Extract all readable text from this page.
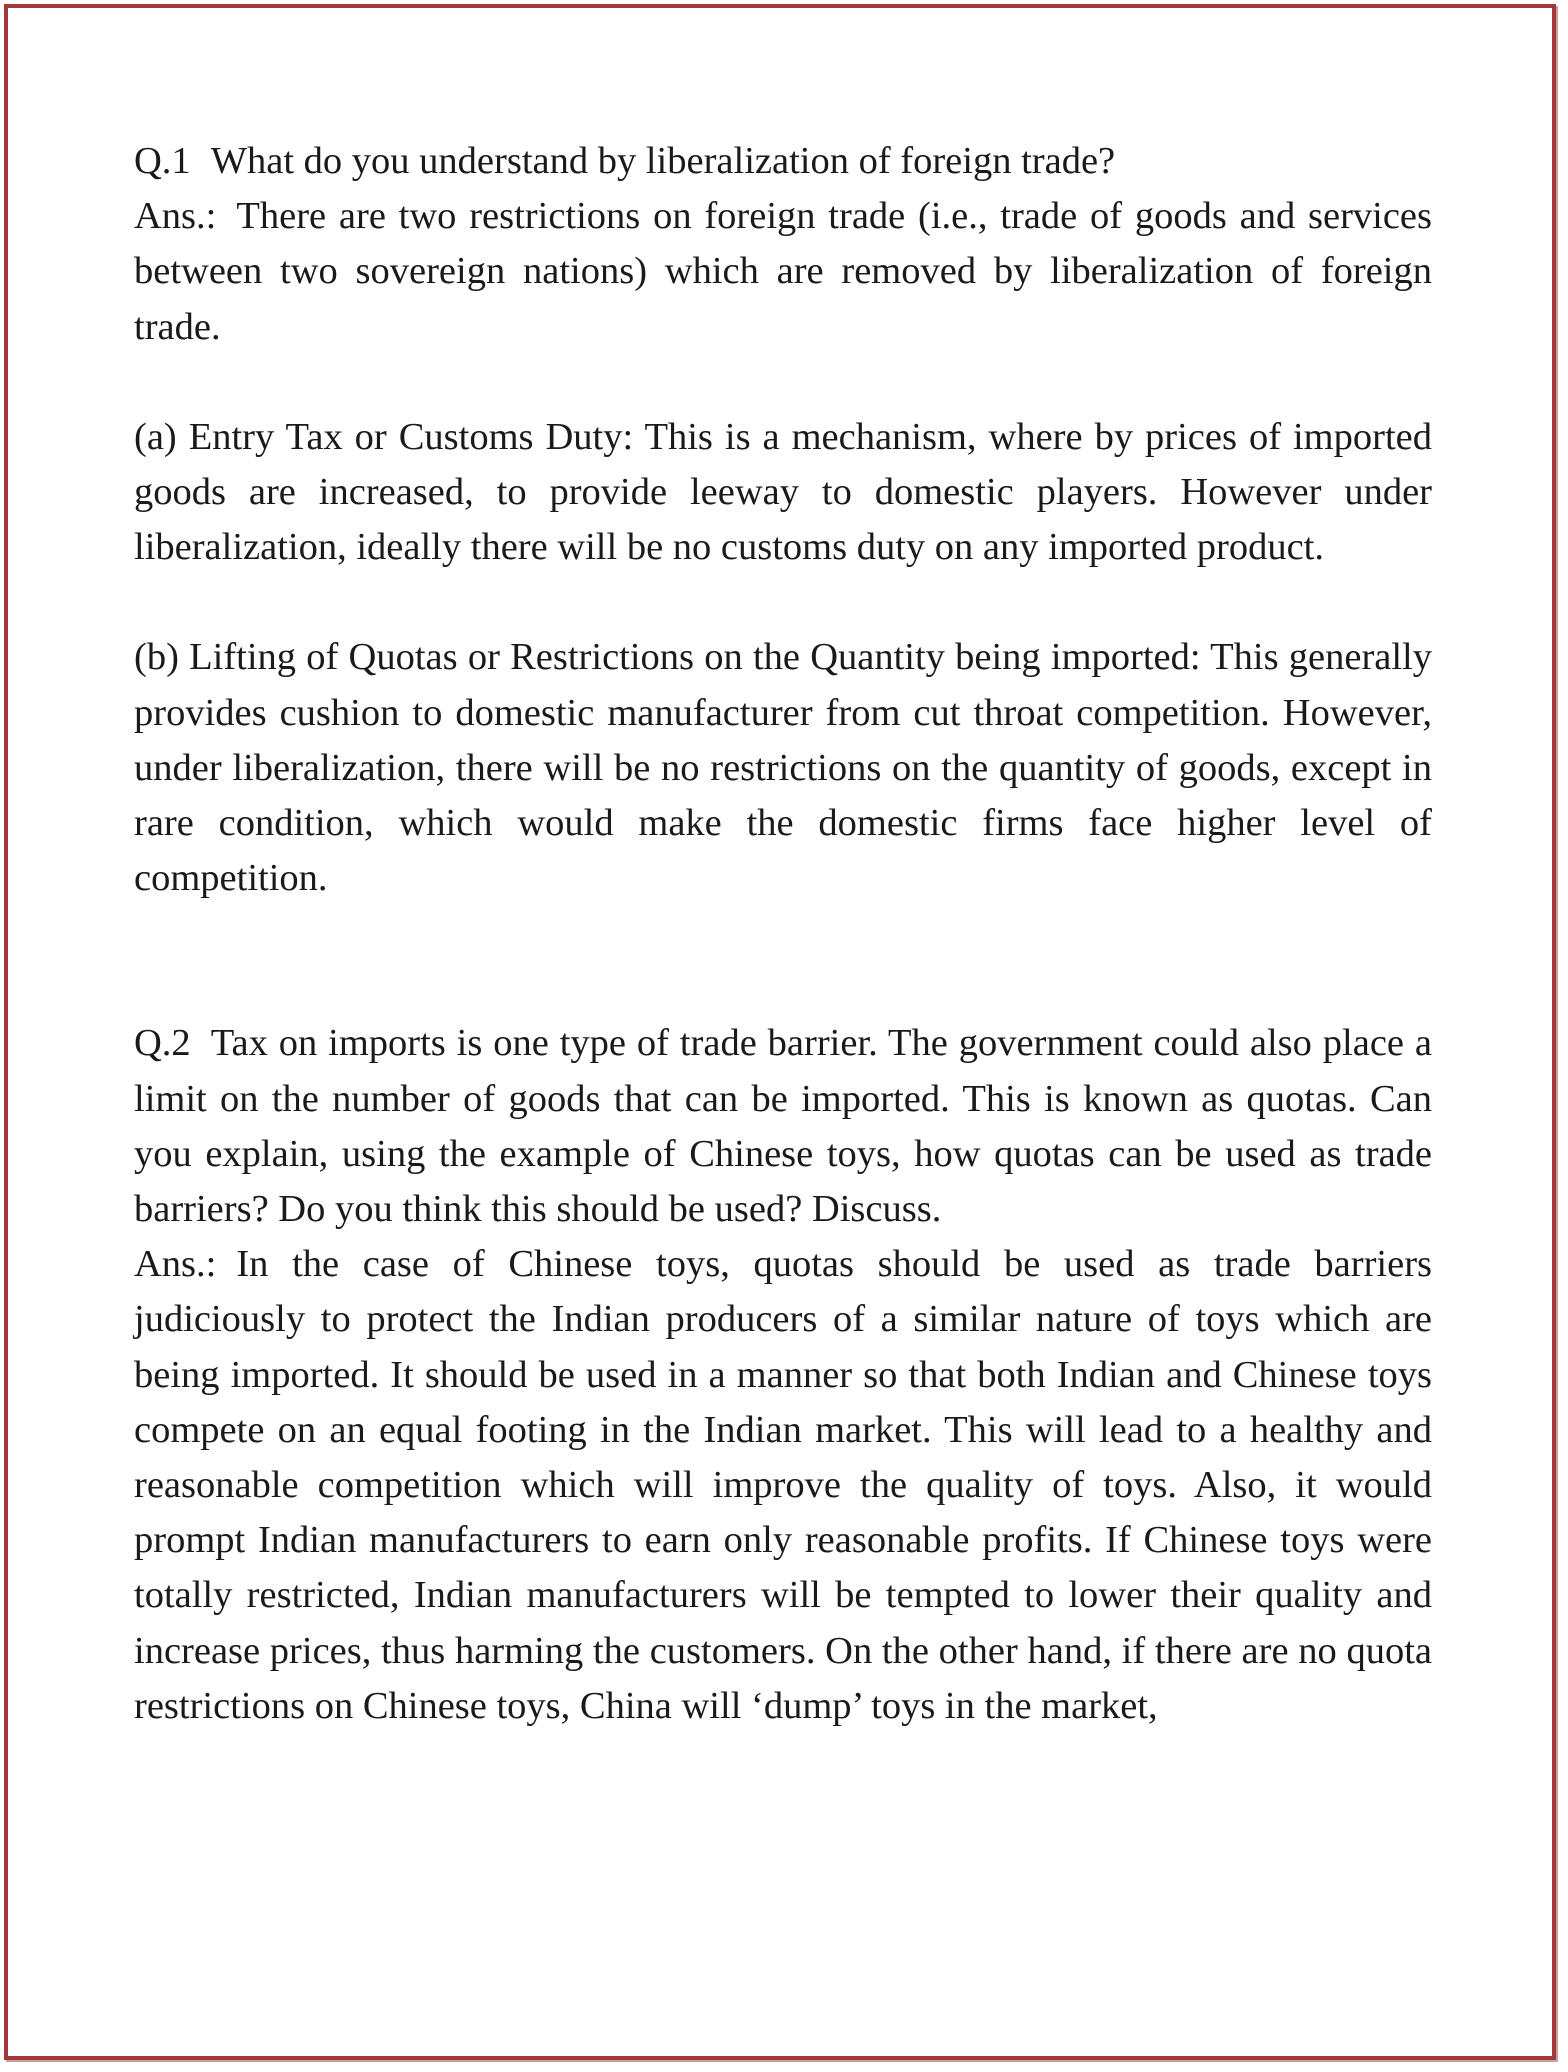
Q.1 What do you understand by liberalization of foreign trade?

Ans.: There are two restrictions on foreign trade (i.e., trade of goods and services between two sovereign nations) which are removed by liberalization of foreign trade.

(a) Entry Tax or Customs Duty: This is a mechanism, where by prices of imported goods are increased, to provide leeway to domestic players. However under liberalization, ideally there will be no customs duty on any imported product.

(b) Lifting of Quotas or Restrictions on the Quantity being imported: This generally provides cushion to domestic manufacturer from cut throat competition. However, under liberalization, there will be no restrictions on the quantity of goods, except in rare condition, which would make the domestic firms face higher level of competition.

Q.2 Tax on imports is one type of trade barrier. The government could also place a limit on the number of goods that can be imported. This is known as quotas. Can you explain, using the example of Chinese toys, how quotas can be used as trade barriers? Do you think this should be used? Discuss.

Ans.: In the case of Chinese toys, quotas should be used as trade barriers judiciously to protect the Indian producers of a similar nature of toys which are being imported. It should be used in a manner so that both Indian and Chinese toys compete on an equal footing in the Indian market. This will lead to a healthy and reasonable competition which will improve the quality of toys. Also, it would prompt Indian manufacturers to earn only reasonable profits. If Chinese toys were totally restricted, Indian manufacturers will be tempted to lower their quality and increase prices, thus harming the customers. On the other hand, if there are no quota restrictions on Chinese toys, China will ‘dump’ toys in the market,
